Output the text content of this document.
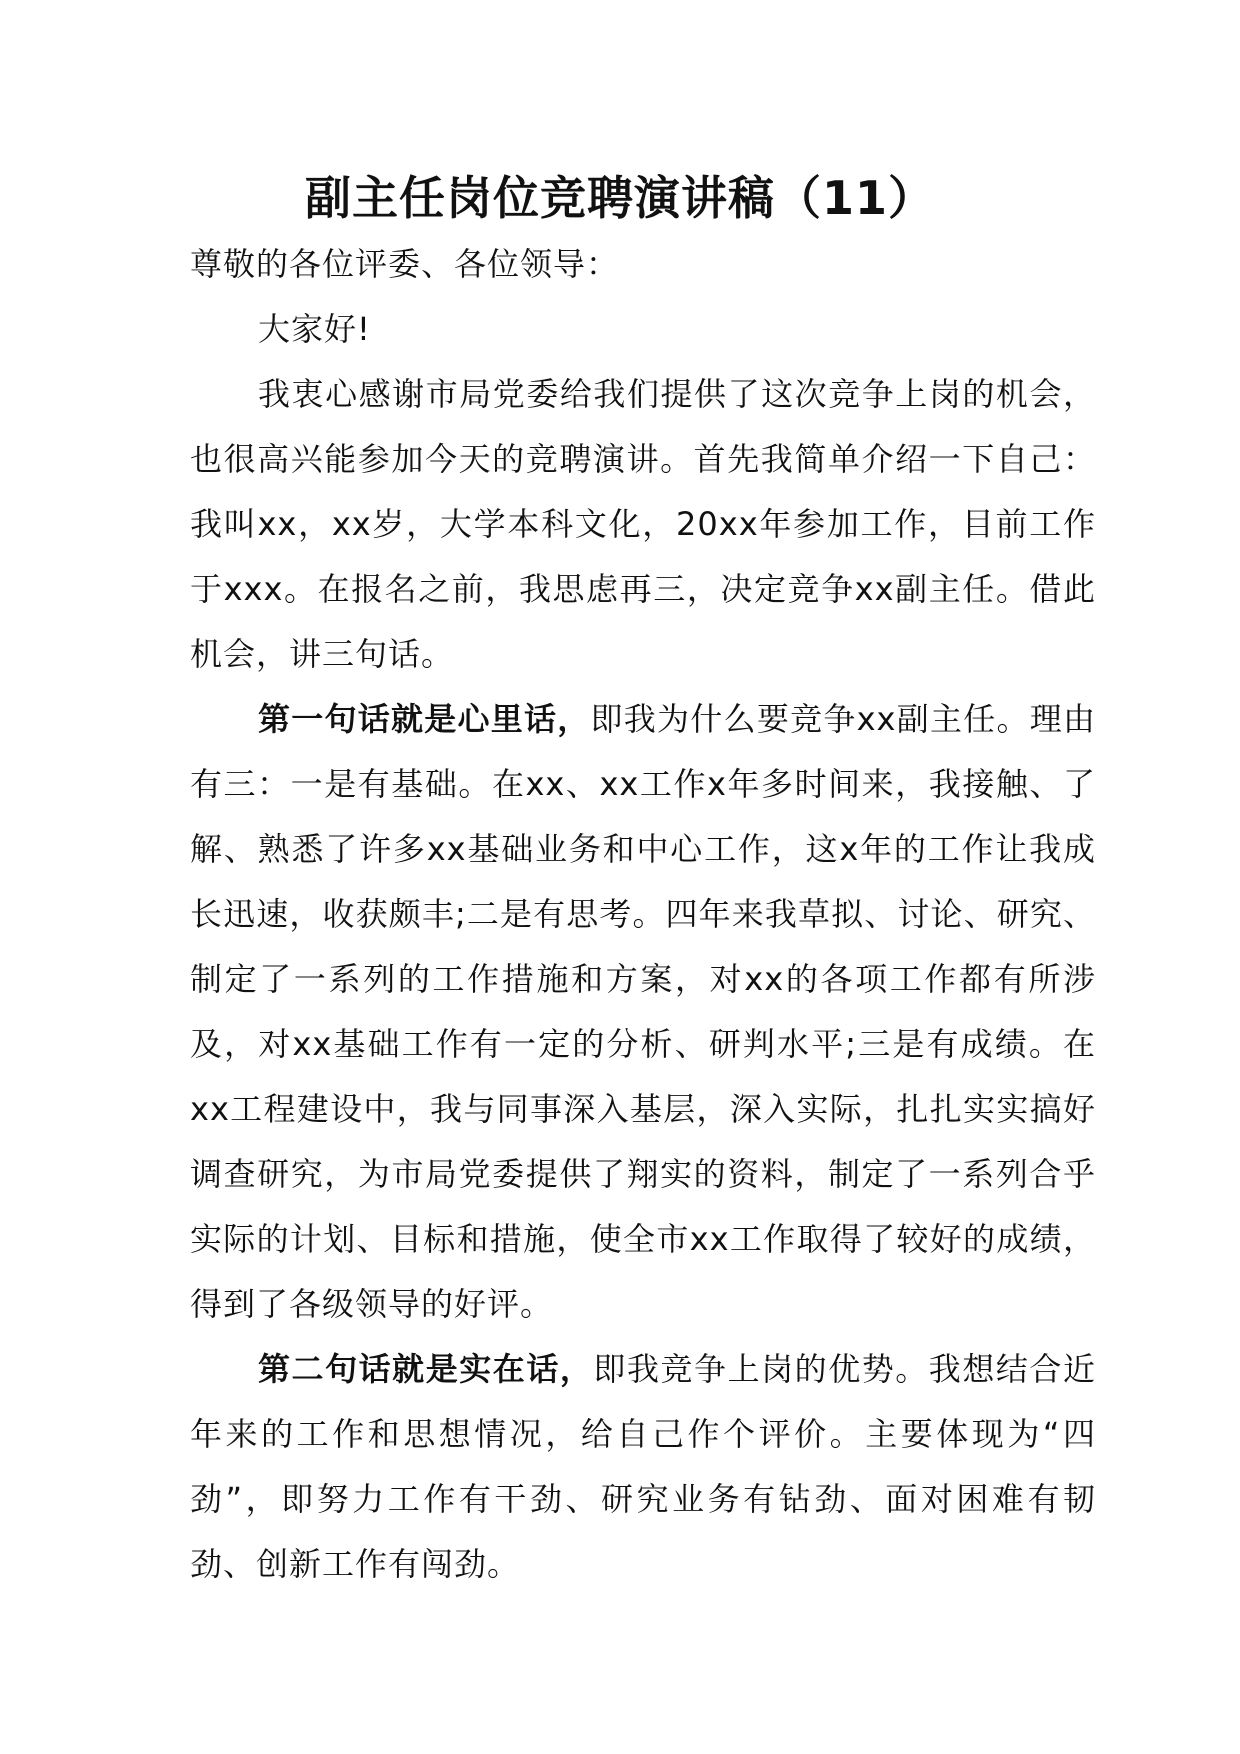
副主任岗位竞聘演讲稿（11）

尊敬的各位评委、各位领导：

大家好!

我衷心感谢市局党委给我们提供了这次竞争上岗的机会，也很高兴能参加今天的竞聘演讲。首先我简单介绍一下自己：我叫xx，xx岁，大学本科文化，20xx年参加工作，目前工作于xxx。在报名之前，我思虑再三，决定竞争xx副主任。借此机会，讲三句话。

第一句话就是心里话，即我为什么要竞争xx副主任。理由有三：一是有基础。在xx、xx工作x年多时间来，我接触、了解、熟悉了许多xx基础业务和中心工作，这x年的工作让我成长迅速，收获颇丰;二是有思考。四年来我草拟、讨论、研究、制定了一系列的工作措施和方案，对xx的各项工作都有所涉及，对xx基础工作有一定的分析、研判水平;三是有成绩。在xx工程建设中，我与同事深入基层，深入实际，扎扎实实搞好调查研究，为市局党委提供了翔实的资料，制定了一系列合乎实际的计划、目标和措施，使全市xx工作取得了较好的成绩，得到了各级领导的好评。

第二句话就是实在话，即我竞争上岗的优势。我想结合近年来的工作和思想情况，给自己作个评价。主要体现为“四劲”，即努力工作有干劲、研究业务有钻劲、面对困难有韧劲、创新工作有闯劲。
